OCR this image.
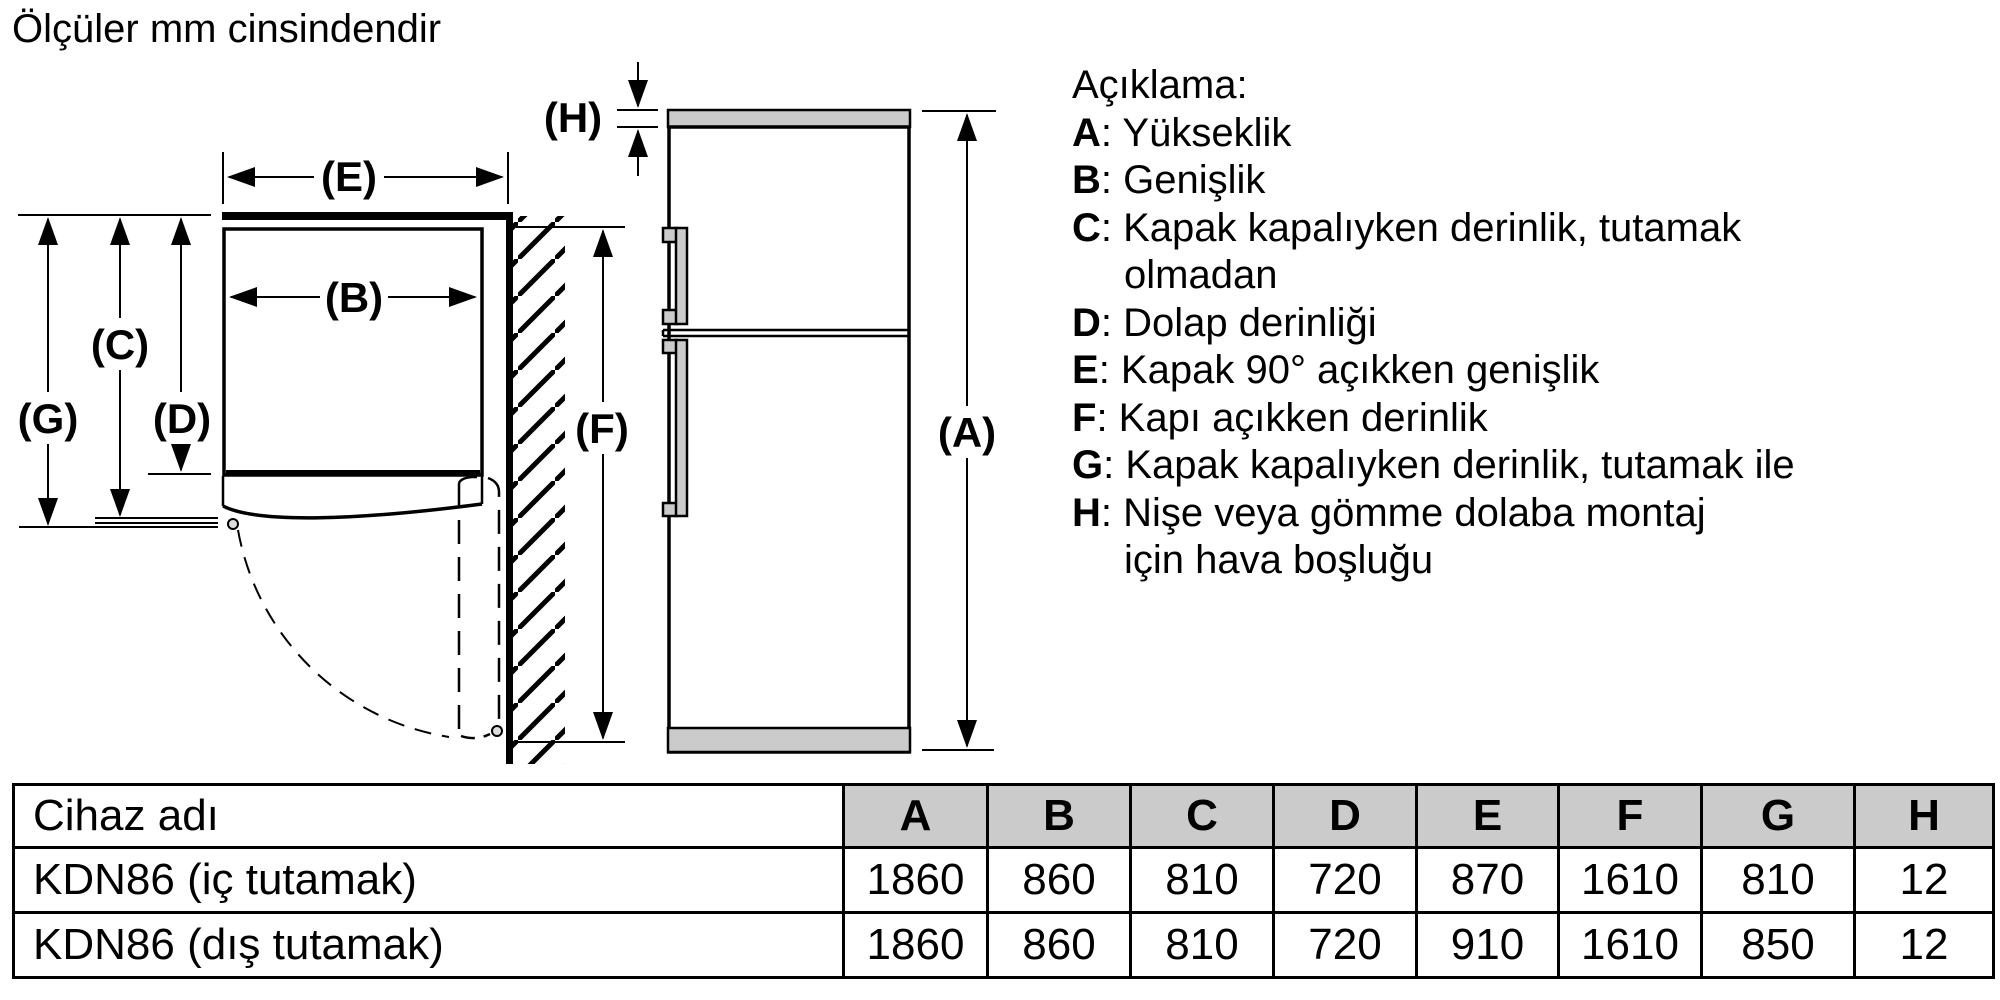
Ölçüler mm cinsindendir
(E)
(B)
(G)
(C)
(D)	(F)
(H)
(A)
Açıklama:
A: Yükseklik
B: Genişlik
C: Kapak kapalıyken derinlik, tutamak
olmadan
D: Dolap derinliği
E: Kapak 90° açıkken genişlik
F: Kapı açıkken derinlik
G: Kapak kapalıyken derinlik, tutamak ile
H: Nişe veya gömme dolaba montaj
için hava boşluğu
Cihaz adı	A	B	C	D	E	F	G	H
KDN86 (iç tutamak)	1860	860	810	720	870	1610	810	12
KDN86 (dış tutamak)	1860	860	810	720	910	1610	850	12
